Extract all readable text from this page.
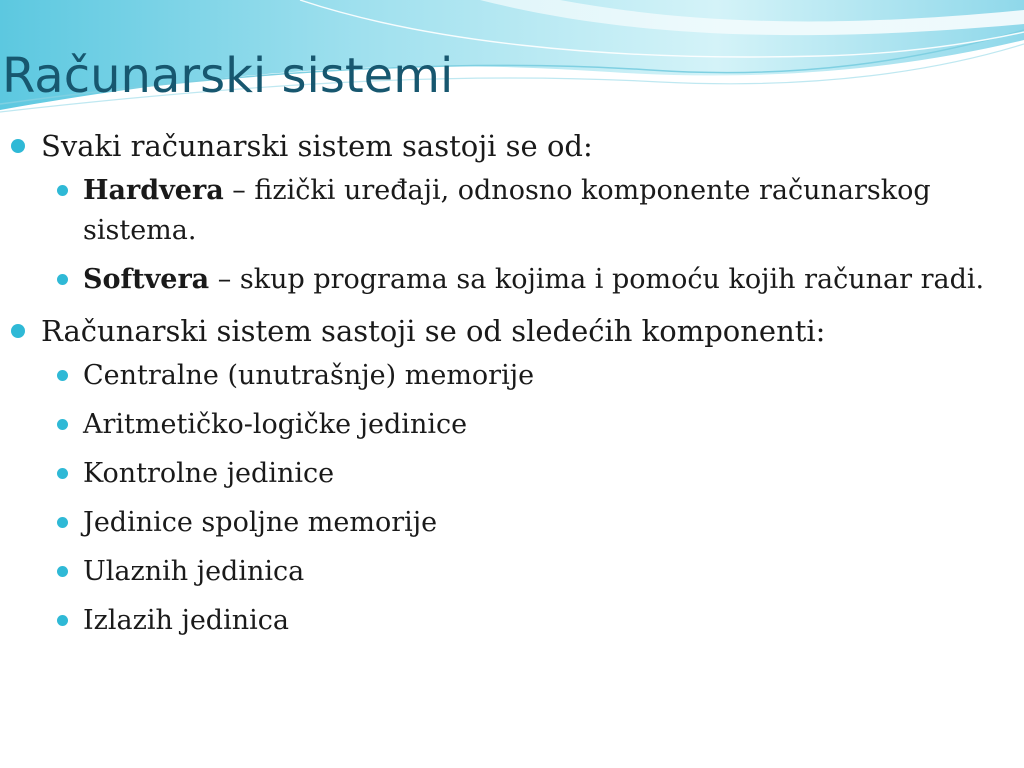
Računarski sistemi

Svaki računarski sistem sastoji se od:

Hardvera – fizički uređaji, odnosno komponente računarskog sistema.

Softvera – skup programa sa kojima i pomoću kojih računar radi.

Računarski sistem sastoji se od sledećih komponenti:

Centralne (unutrašnje) memorije

Aritmetičko-logičke jedinice

Kontrolne jedinice

Jedinice spoljne memorije

Ulaznih jedinica

Izlazih jedinica
